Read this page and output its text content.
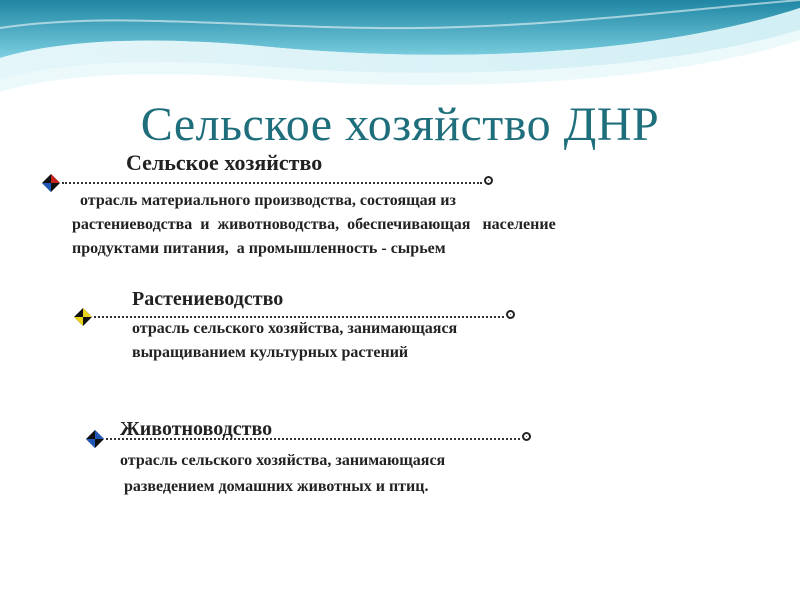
Сельское хозяйство ДНР
Сельское хозяйство
отрасль материального производства, состоящая из
растениеводства  и  животноводства,  обеспечивающая   население
продуктами питания,  а промышленность - сырьем
Растениеводство
отрасль сельского хозяйства, занимающаяся
выращиванием культурных растений
Животноводство
отрасль сельского хозяйства, занимающаяся
разведением домашних животных и птиц.
